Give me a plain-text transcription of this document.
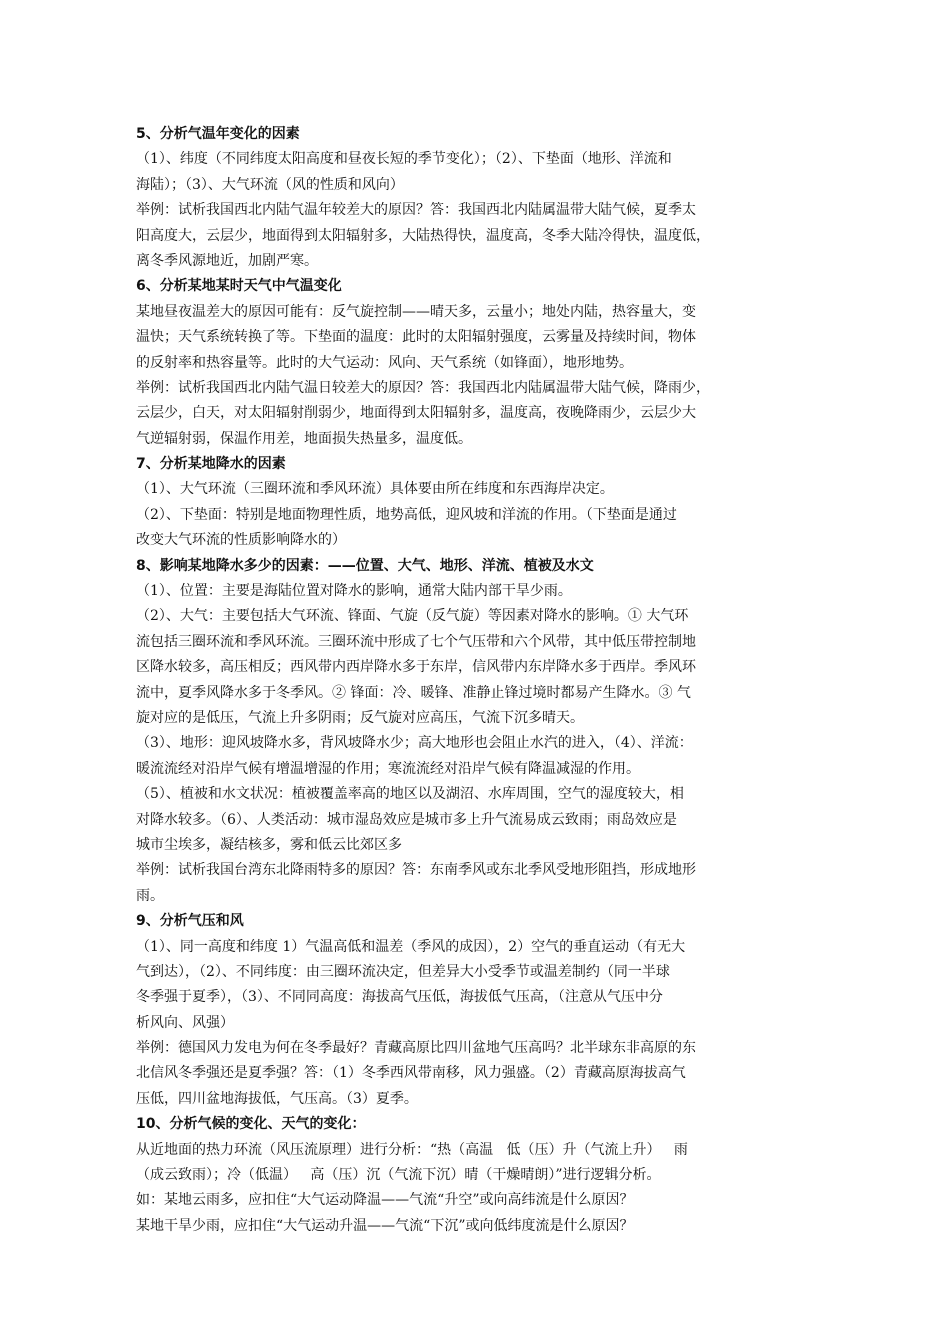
5、分析气温年变化的因素
（1）、纬度（不同纬度太阳高度和昼夜长短的季节变化）；（2）、下垫面（地形、洋流和
海陆）；（3）、大气环流（风的性质和风向）
举例：试析我国西北内陆气温年较差大的原因？答：我国西北内陆属温带大陆气候，夏季太
阳高度大，云层少，地面得到太阳辐射多，大陆热得快，温度高，冬季大陆冷得快，温度低，
离冬季风源地近，加剧严寒。
6、分析某地某时天气中气温变化
某地昼夜温差大的原因可能有：反气旋控制——晴天多，云量小；地处内陆，热容量大，变
温快；天气系统转换了等。下垫面的温度：此时的太阳辐射强度，云雾量及持续时间，物体
的反射率和热容量等。此时的大气运动：风向、天气系统（如锋面），地形地势。
举例：试析我国西北内陆气温日较差大的原因？答：我国西北内陆属温带大陆气候，降雨少，
云层少，白天，对太阳辐射削弱少，地面得到太阳辐射多，温度高，夜晚降雨少，云层少大
气逆辐射弱，保温作用差，地面损失热量多，温度低。
7、分析某地降水的因素
（1）、大气环流（三圈环流和季风环流）具体要由所在纬度和东西海岸决定。
（2）、下垫面：特别是地面物理性质，地势高低，迎风坡和洋流的作用。（下垫面是通过
改变大气环流的性质影响降水的）
8、影响某地降水多少的因素：——位置、大气、地形、洋流、植被及水文
（1）、位置：主要是海陆位置对降水的影响，通常大陆内部干旱少雨。
（2）、大气：主要包括大气环流、锋面、气旋（反气旋）等因素对降水的影响。① 大气环
流包括三圈环流和季风环流。三圈环流中形成了七个气压带和六个风带，其中低压带控制地
区降水较多，高压相反；西风带内西岸降水多于东岸，信风带内东岸降水多于西岸。季风环
流中，夏季风降水多于冬季风。② 锋面：冷、暖锋、准静止锋过境时都易产生降水。③ 气
旋对应的是低压，气流上升多阴雨；反气旋对应高压，气流下沉多晴天。
（3）、地形：迎风坡降水多，背风坡降水少；高大地形也会阻止水汽的进入，（4）、洋流：
暖流流经对沿岸气候有增温增湿的作用；寒流流经对沿岸气候有降温减湿的作用。
（5）、植被和水文状况：植被覆盖率高的地区以及湖沼、水库周围，空气的湿度较大，相
对降水较多。（6）、人类活动：城市湿岛效应是城市多上升气流易成云致雨；雨岛效应是
城市尘埃多，凝结核多，雾和低云比郊区多
举例：试析我国台湾东北降雨特多的原因？答：东南季风或东北季风受地形阻挡，形成地形
雨。
9、分析气压和风
（1）、同一高度和纬度 1）气温高低和温差（季风的成因），2）空气的垂直运动（有无大
气到达），（2）、不同纬度：由三圈环流决定，但差异大小受季节或温差制约（同一半球
冬季强于夏季），（3）、不同同高度：海拔高气压低，海拔低气压高，（注意从气压中分
析风向、风强）
举例：德国风力发电为何在冬季最好？青藏高原比四川盆地气压高吗？北半球东非高原的东
北信风冬季强还是夏季强？答：（1）冬季西风带南移，风力强盛。（2）青藏高原海拔高气
压低，四川盆地海拔低，气压高。（3）夏季。
10、分析气候的变化、天气的变化：
从近地面的热力环流（风压流原理）进行分析：“热（高温   低（压）升（气流上升）   雨
（成云致雨）；冷（低温）   高（压）沉（气流下沉）晴（干燥晴朗）”进行逻辑分析。
如：某地云雨多，应扣住“大气运动降温——气流“升空”或向高纬流是什么原因？
某地干旱少雨，应扣住“大气运动升温——气流“下沉”或向低纬度流是什么原因？
